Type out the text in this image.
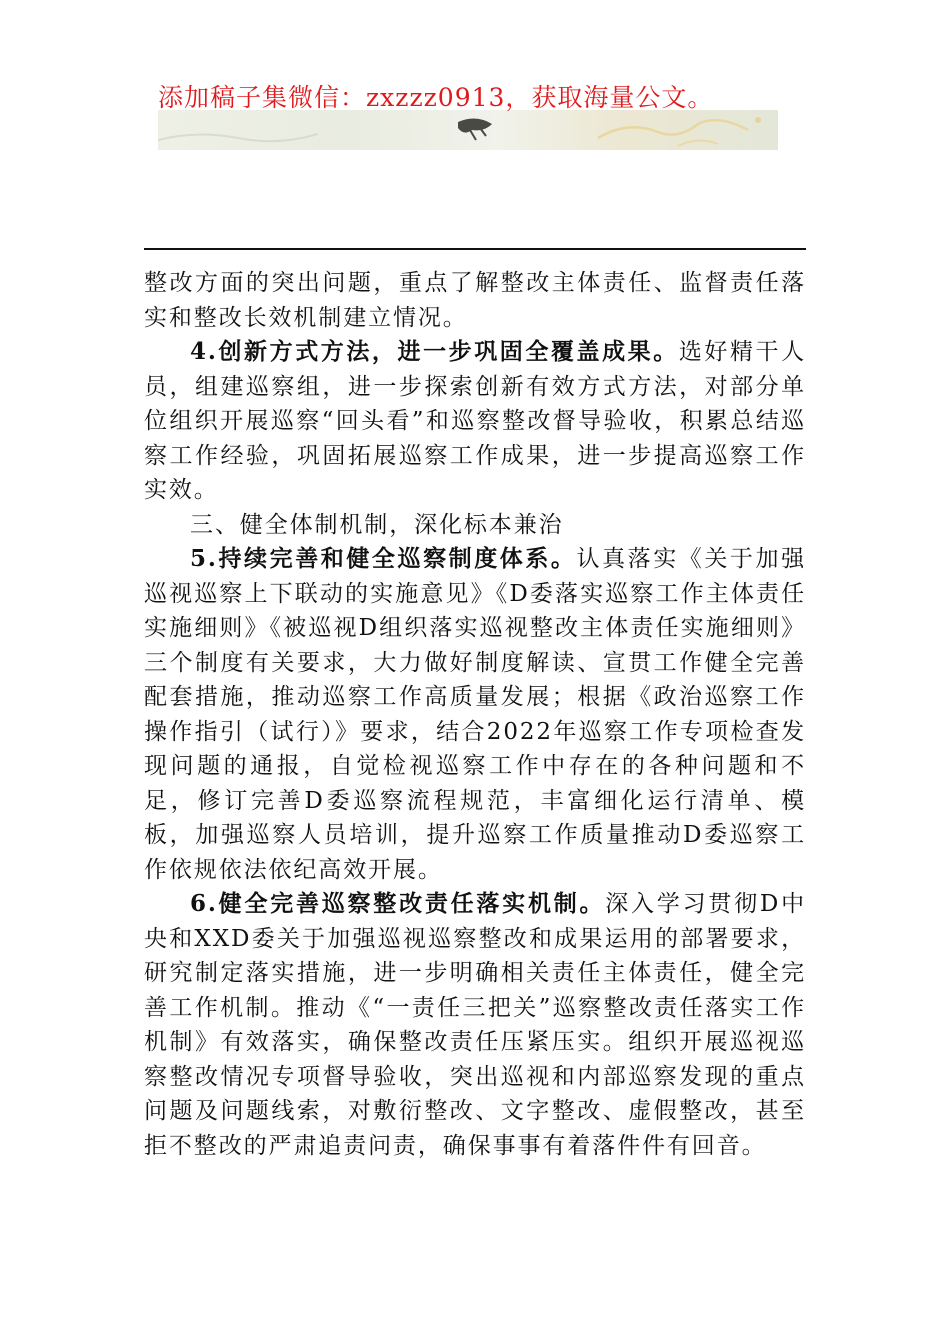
添加稿子集微信：zxzzz0913，获取海量公文。

整改方面的突出问题，重点了解整改主体责任、监督责任落实和整改长效机制建立情况。

4.创新方式方法，进一步巩固全覆盖成果。选好精干人员，组建巡察组，进一步探索创新有效方式方法，对部分单位组织开展巡察“回头看”和巡察整改督导验收，积累总结巡察工作经验，巩固拓展巡察工作成果，进一步提高巡察工作实效。

三、健全体制机制，深化标本兼治

5.持续完善和健全巡察制度体系。认真落实《关于加强巡视巡察上下联动的实施意见》《D委落实巡察工作主体责任实施细则》《被巡视D组织落实巡视整改主体责任实施细则》三个制度有关要求，大力做好制度解读、宣贯工作健全完善配套措施，推动巡察工作高质量发展；根据《政治巡察工作操作指引（试行）》要求，结合2022年巡察工作专项检查发现问题的通报，自觉检视巡察工作中存在的各种问题和不足，修订完善D委巡察流程规范，丰富细化运行清单、模板，加强巡察人员培训，提升巡察工作质量推动D委巡察工作依规依法依纪高效开展。

6.健全完善巡察整改责任落实机制。深入学习贯彻D中央和XXD委关于加强巡视巡察整改和成果运用的部署要求，研究制定落实措施，进一步明确相关责任主体责任，健全完善工作机制。推动《“一责任三把关”巡察整改责任落实工作机制》有效落实，确保整改责任压紧压实。组织开展巡视巡察整改情况专项督导验收，突出巡视和内部巡察发现的重点问题及问题线索，对敷衍整改、文字整改、虚假整改，甚至拒不整改的严肃追责问责，确保事事有着落件件有回音。
